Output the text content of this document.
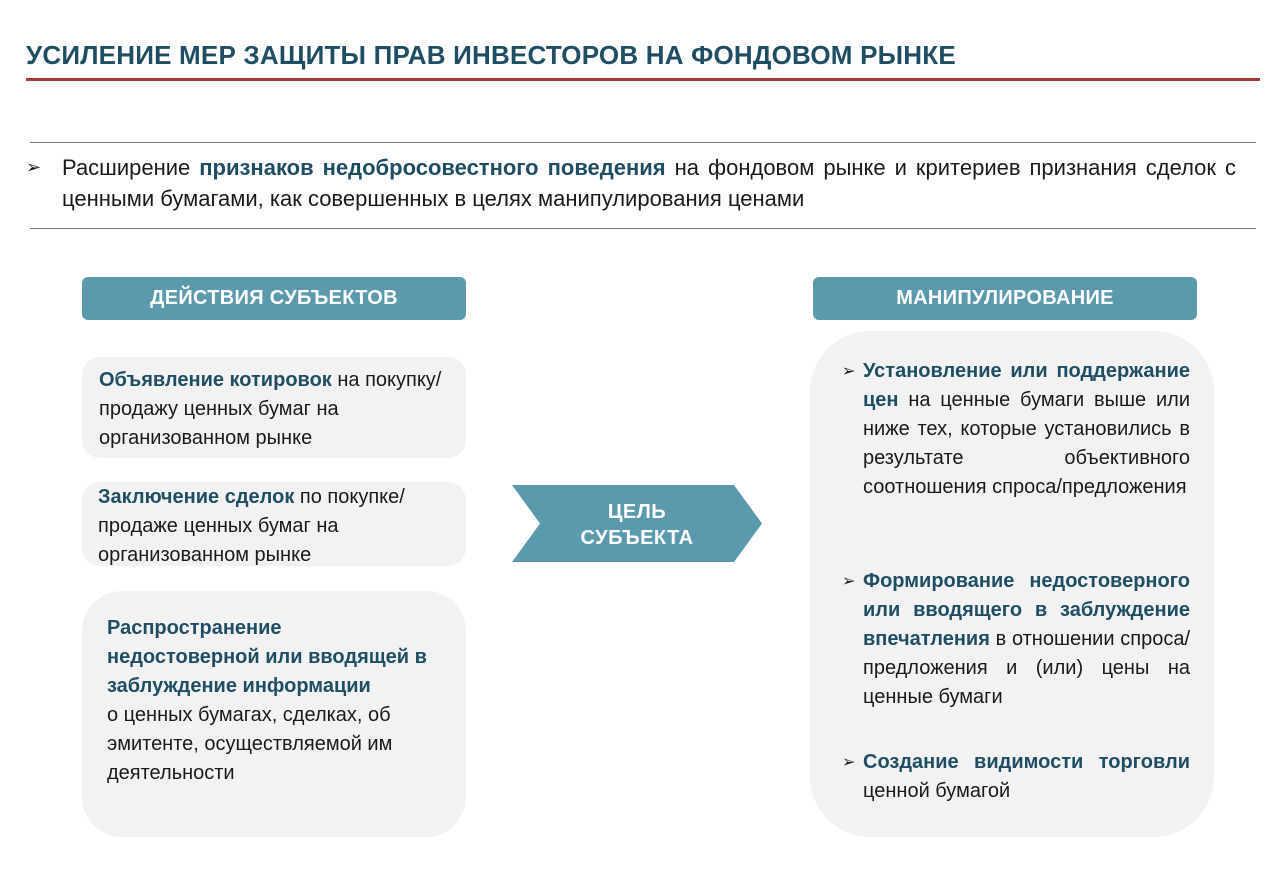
УСИЛЕНИЕ МЕР ЗАЩИТЫ ПРАВ ИНВЕСТОРОВ НА ФОНДОВОМ РЫНКЕ
➢ Расширение признаков недобросовестного поведения на фондовом рынке и критериев признания сделок с ценными бумагами, как совершенных в целях манипулирования ценами
ДЕЙСТВИЯ СУБЪЕКТОВ	МАНИПУЛИРОВАНИЕ
Объявление котировок на покупку/продажу ценных бумаг на организованном рынке
Заключение сделок по покупке/продаже ценных бумаг на организованном рынке
Распространение недостоверной или вводящей в заблуждение информации
о ценных бумагах, сделках, об эмитенте, осуществляемой им деятельности
ЦЕЛЬ
СУБЪЕКТА
➢ Установление или поддержание цен на ценные бумаги выше или ниже тех, которые установились в результате объективного соотношения спроса/предложения
➢ Формирование недостоверного или вводящего в заблуждение впечатления в отношении спроса/предложения и (или) цены на ценные бумаги
➢ Создание видимости торговли ценной бумагой
